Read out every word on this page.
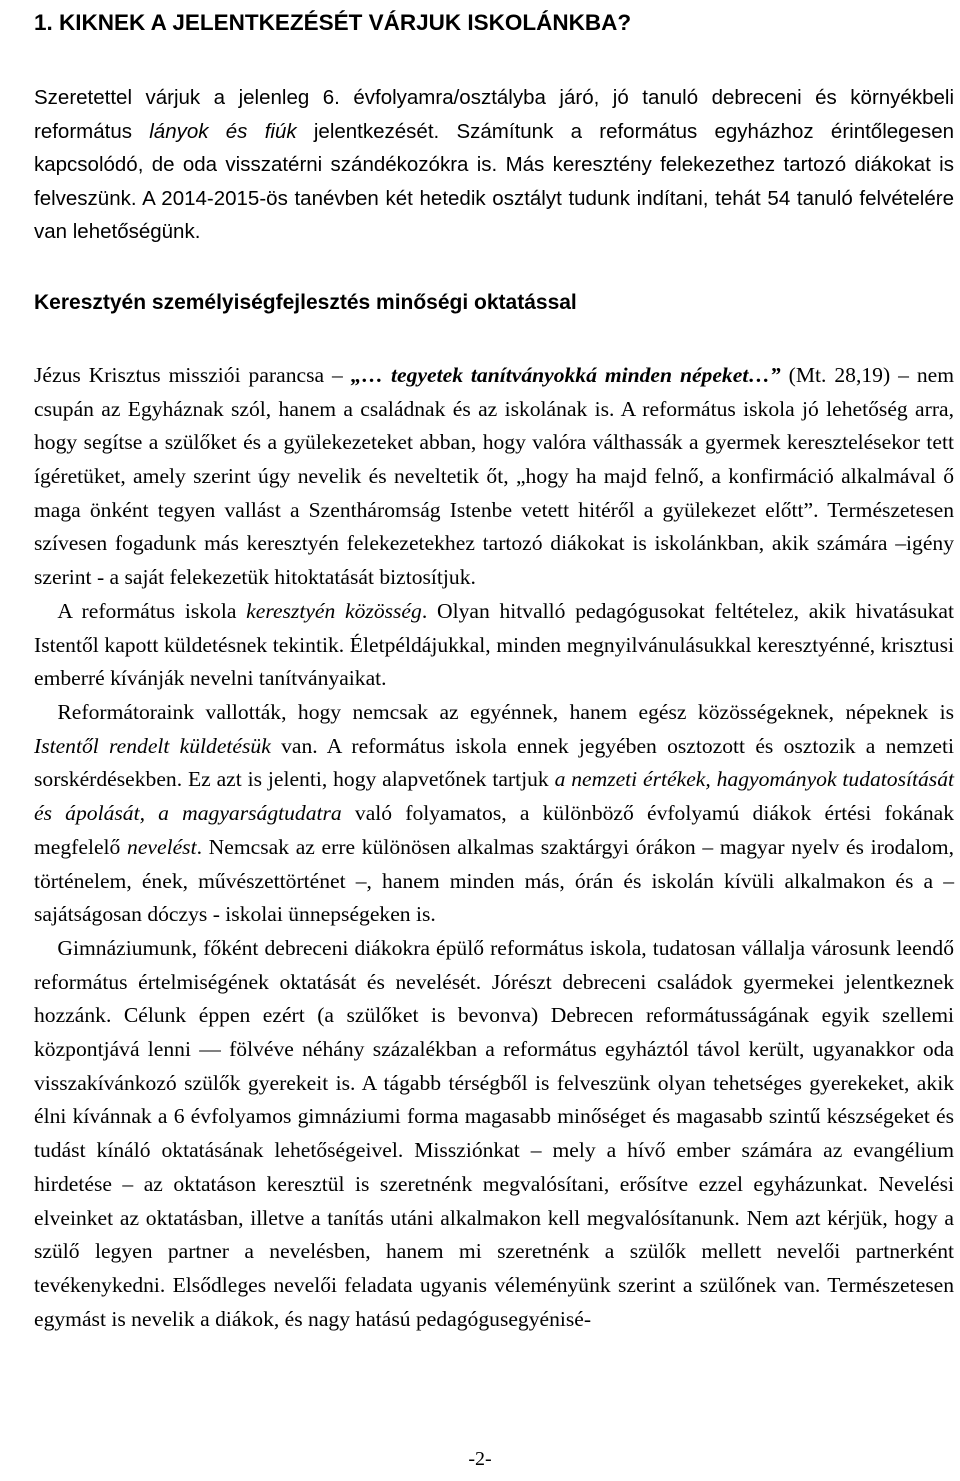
1. KIKNEK A JELENTKEZÉSÉT VÁRJUK ISKOLÁNKBA?

Szeretettel várjuk a jelenleg 6. évfolyamra/osztályba járó, jó tanuló debreceni és környékbeli református lányok és fiúk jelentkezését. Számítunk a református egyházhoz érintőlegesen kapcsolódó, de oda visszatérni szándékozókra is. Más keresztény felekezethez tartozó diákokat is felveszünk. A 2014-2015-ös tanévben két hetedik osztályt tudunk indítani, tehát 54 tanuló felvételére van lehetőségünk.

Keresztyén személyiségfejlesztés minőségi oktatással

Jézus Krisztus missziói parancsa – „… tegyetek tanítványokká minden népeket…” (Mt. 28,19) – nem csupán az Egyháznak szól, hanem a családnak és az iskolának is. A református iskola jó lehetőség arra, hogy segítse a szülőket és a gyülekezeteket abban, hogy valóra válthassák a gyermek keresztelésekor tett ígéretüket, amely szerint úgy nevelik és neveltetik őt, „hogy ha majd felnő, a konfirmáció alkalmával ő maga önként tegyen vallást a Szentháromság Istenbe vetett hitéről a gyülekezet előtt”. Természetesen szívesen fogadunk más keresztyén felekezetekhez tartozó diákokat is iskolánkban, akik számára –igény szerint - a saját felekezetük hitoktatását biztosítjuk.

  A református iskola keresztyén közösség. Olyan hitvalló pedagógusokat feltételez, akik hivatásukat Istentől kapott küldetésnek tekintik. Életpéldájukkal, minden megnyilvánulásukkal keresztyénné, krisztusi emberré kívánják nevelni tanítványaikat.

  Reformátoraink vallották, hogy nemcsak az egyénnek, hanem egész közösségeknek, népeknek is Istentől rendelt küldetésük van. A református iskola ennek jegyében osztozott és osztozik a nemzeti sorskérdésekben. Ez azt is jelenti, hogy alapvetőnek tartjuk a nemzeti értékek, hagyományok tudatosítását és ápolását, a magyarságtudatra való folyamatos, a különböző évfolyamú diákok értési fokának megfelelő nevelést. Nemcsak az erre különösen alkalmas szaktárgyi órákon – magyar nyelv és irodalom, történelem, ének, művészettörténet –, hanem minden más, órán és iskolán kívüli alkalmakon és a – sajátságosan dóczys - iskolai ünnepségeken is.

  Gimnáziumunk, főként debreceni diákokra épülő református iskola, tudatosan vállalja városunk leendő református értelmiségének oktatását és nevelését. Jórészt debreceni családok gyermekei jelentkeznek hozzánk. Célunk éppen ezért (a szülőket is bevonva) Debrecen reformátusságának egyik szellemi központjává lenni — fölvéve néhány százalékban a református egyháztól távol került, ugyanakkor oda visszakívánkozó szülők gyerekeit is. A tágabb térségből is felveszünk olyan tehetséges gyerekeket, akik élni kívánnak a 6 évfolyamos gimnáziumi forma magasabb minőséget és magasabb szintű készségeket és tudást kínáló oktatásának lehetőségeivel. Missziónkat – mely a hívő ember számára az evangélium hirdetése – az oktatáson keresztül is szeretnénk megvalósítani, erősítve ezzel egyházunkat. Nevelési elveinket az oktatásban, illetve a tanítás utáni alkalmakon kell megvalósítanunk. Nem azt kérjük, hogy a szülő legyen partner a nevelésben, hanem mi szeretnénk a szülők mellett nevelői partnerként tevékenykedni. Elsődleges nevelői feladata ugyanis véleményünk szerint a szülőnek van. Természetesen egymást is nevelik a diákok, és nagy hatású pedagógusegyénisé-

-2-
